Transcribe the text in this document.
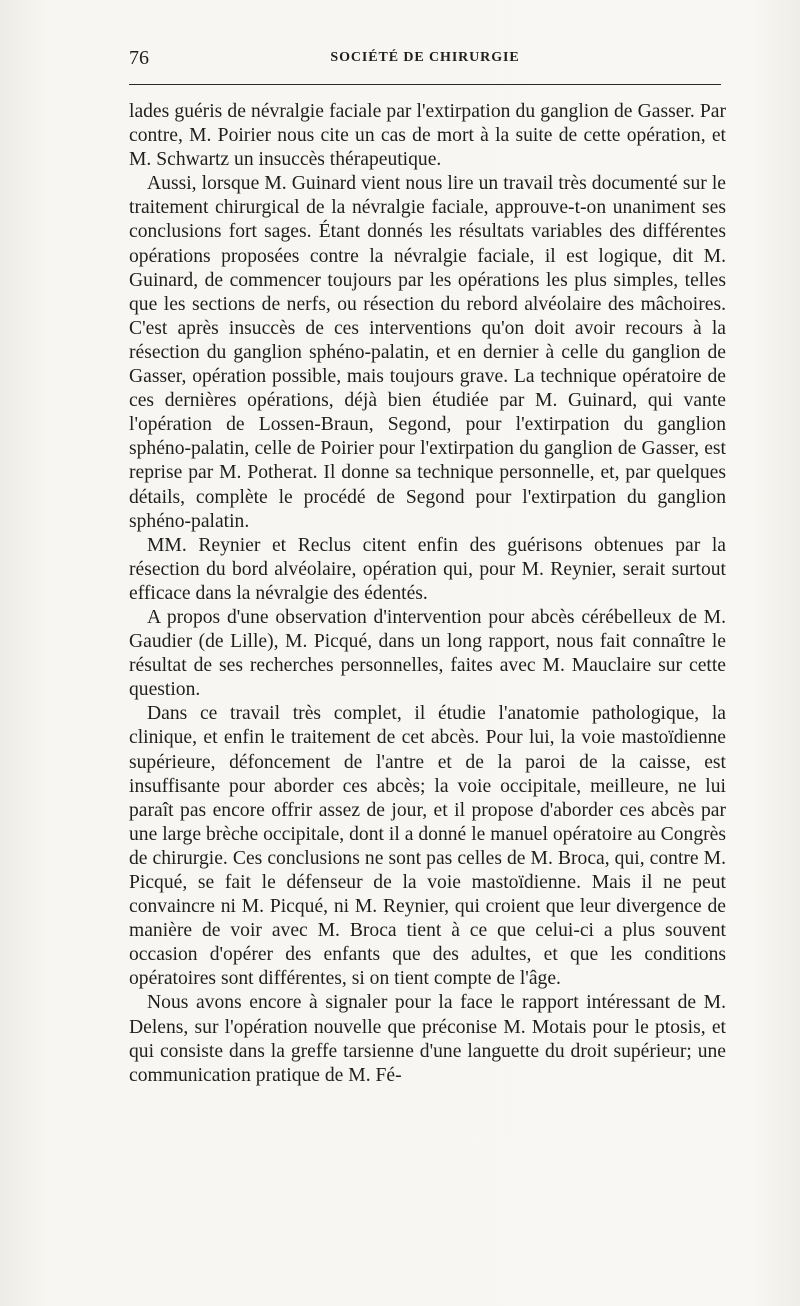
76	SOCIÉTÉ DE CHIRURGIE

lades guéris de névralgie faciale par l'extirpation du ganglion de Gasser. Par contre, M. Poirier nous cite un cas de mort à la suite de cette opération, et M. Schwartz un insuccès thérapeutique.

Aussi, lorsque M. Guinard vient nous lire un travail très documenté sur le traitement chirurgical de la névralgie faciale, approuve-t-on unaniment ses conclusions fort sages. Étant donnés les résultats variables des différentes opérations proposées contre la névralgie faciale, il est logique, dit M. Guinard, de commencer toujours par les opérations les plus simples, telles que les sections de nerfs, ou résection du rebord alvéolaire des mâchoires. C'est après insuccès de ces interventions qu'on doit avoir recours à la résection du ganglion sphéno-palatin, et en dernier à celle du ganglion de Gasser, opération possible, mais toujours grave. La technique opératoire de ces dernières opérations, déjà bien étudiée par M. Guinard, qui vante l'opération de Lossen-Braun, Segond, pour l'extirpation du ganglion sphéno-palatin, celle de Poirier pour l'extirpation du ganglion de Gasser, est reprise par M. Potherat. Il donne sa technique personnelle, et, par quelques détails, complète le procédé de Segond pour l'extirpation du ganglion sphéno-palatin.

MM. Reynier et Reclus citent enfin des guérisons obtenues par la résection du bord alvéolaire, opération qui, pour M. Reynier, serait surtout efficace dans la névralgie des édentés.

A propos d'une observation d'intervention pour abcès cérébelleux de M. Gaudier (de Lille), M. Picqué, dans un long rapport, nous fait connaître le résultat de ses recherches personnelles, faites avec M. Mauclaire sur cette question.

Dans ce travail très complet, il étudie l'anatomie pathologique, la clinique, et enfin le traitement de cet abcès. Pour lui, la voie mastoïdienne supérieure, défoncement de l'antre et de la paroi de la caisse, est insuffisante pour aborder ces abcès; la voie occipitale, meilleure, ne lui paraît pas encore offrir assez de jour, et il propose d'aborder ces abcès par une large brèche occipitale, dont il a donné le manuel opératoire au Congrès de chirurgie. Ces conclusions ne sont pas celles de M. Broca, qui, contre M. Picqué, se fait le défenseur de la voie mastoïdienne. Mais il ne peut convaincre ni M. Picqué, ni M. Reynier, qui croient que leur divergence de manière de voir avec M. Broca tient à ce que celui-ci a plus souvent occasion d'opérer des enfants que des adultes, et que les conditions opératoires sont différentes, si on tient compte de l'âge.

Nous avons encore à signaler pour la face le rapport intéressant de M. Delens, sur l'opération nouvelle que préconise M. Motais pour le ptosis, et qui consiste dans la greffe tarsienne d'une languette du droit supérieur; une communication pratique de M. Fé-
